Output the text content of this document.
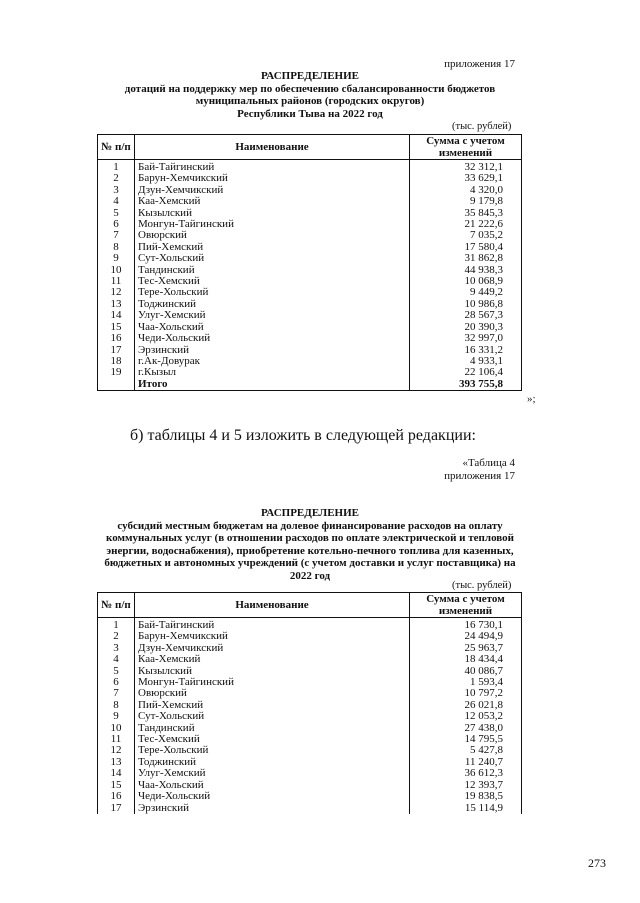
приложения 17
РАСПРЕДЕЛЕНИЕ
дотаций на поддержку мер по обеспечению сбалансированности бюджетов
муниципальных районов (городских округов)
Республики Тыва на 2022 год
(тыс. рублей)
№ п/п	Наименование	Сумма с учетом изменений
1	Бай-Тайгинский	32 312,1
2	Барун-Хемчикский	33 629,1
3	Дзун-Хемчикский	4 320,0
4	Каа-Хемский	9 179,8
5	Кызылский	35 845,3
6	Монгун-Тайгинский	21 222,6
7	Овюрский	7 035,2
8	Пий-Хемский	17 580,4
9	Сут-Хольский	31 862,8
10	Тандинский	44 938,3
11	Тес-Хемский	10 068,9
12	Тере-Хольский	9 449,2
13	Тоджинский	10 986,8
14	Улуг-Хемский	28 567,3
15	Чаа-Хольский	20 390,3
16	Чеди-Хольский	32 997,0
17	Эрзинский	16 331,2
18	г.Ак-Довурак	4 933,1
19	г.Кызыл	22 106,4
	Итого	393 755,8
»;
б) таблицы 4 и 5 изложить в следующей редакции:
«Таблица 4
приложения 17
РАСПРЕДЕЛЕНИЕ
субсидий местным бюджетам на долевое финансирование расходов на оплату
коммунальных услуг (в отношении расходов по оплате электрической и тепловой
энергии, водоснабжения), приобретение котельно-печного топлива для казенных,
бюджетных и автономных учреждений (с учетом доставки и услуг поставщика) на
2022 год
(тыс. рублей)
№ п/п	Наименование	Сумма с учетом изменений
1	Бай-Тайгинский	16 730,1
2	Барун-Хемчикский	24 494,9
3	Дзун-Хемчикский	25 963,7
4	Каа-Хемский	18 434,4
5	Кызылский	40 086,7
6	Монгун-Тайгинский	1 593,4
7	Овюрский	10 797,2
8	Пий-Хемский	26 021,8
9	Сут-Хольский	12 053,2
10	Тандинский	27 438,0
11	Тес-Хемский	14 795,5
12	Тере-Хольский	5 427,8
13	Тоджинский	11 240,7
14	Улуг-Хемский	36 612,3
15	Чаа-Хольский	12 393,7
16	Чеди-Хольский	19 838,5
17	Эрзинский	15 114,9
273
